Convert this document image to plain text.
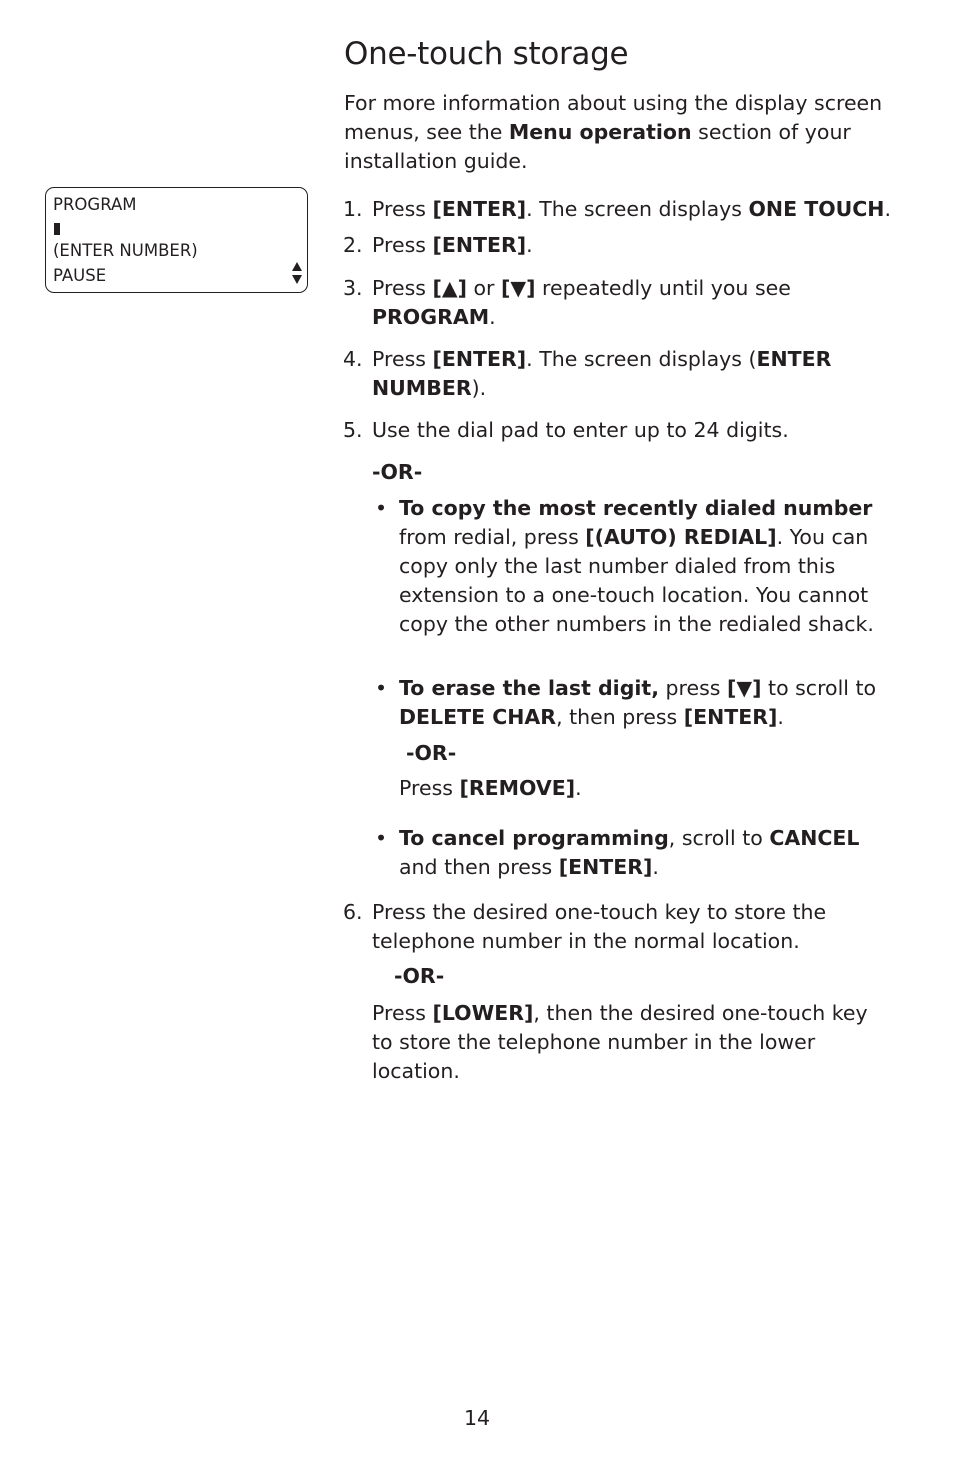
One-touch storage

For more information about using the display screen menus, see the Menu operation section of your installation guide.

PROGRAM
(ENTER NUMBER)
PAUSE
1. Press [ENTER]. The screen displays ONE TOUCH.

2. Press [ENTER].

3. Press [▲] or [▼] repeatedly until you see PROGRAM.

4. Press [ENTER]. The screen displays (ENTER NUMBER).

5. Use the dial pad to enter up to 24 digits.

-OR-

• To copy the most recently dialed number from redial, press [(AUTO) REDIAL]. You can copy only the last number dialed from this extension to a one-touch location. You cannot copy the other numbers in the redialed shack.

• To erase the last digit, press [▼] to scroll to DELETE CHAR, then press [ENTER].

-OR-

Press [REMOVE].

• To cancel programming, scroll to CANCEL and then press [ENTER].

6. Press the desired one-touch key to store the telephone number in the normal location.

-OR-

Press [LOWER], then the desired one-touch key to store the telephone number in the lower location.

14
